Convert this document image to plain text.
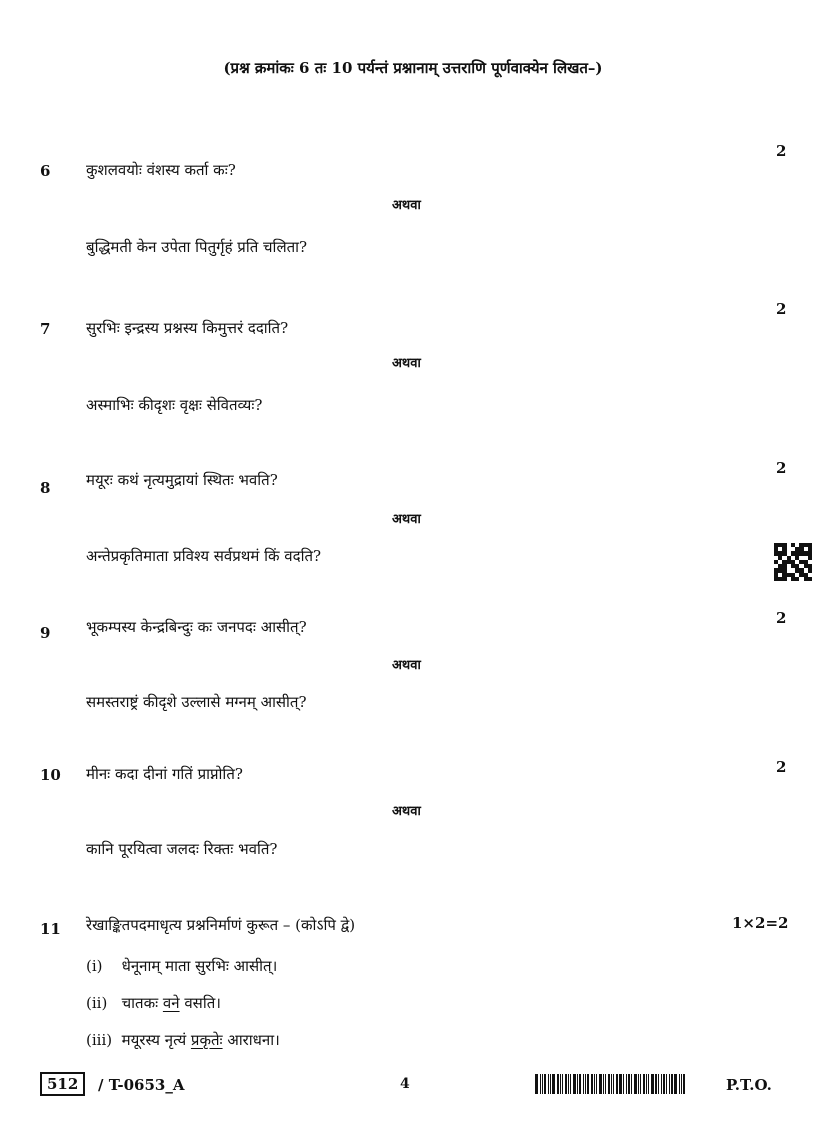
(प्रश्न क्रमांकः 6 तः 10 पर्यन्तं प्रश्नानाम् उत्तराणि पूर्णवाक्येन लिखत–)
2
6 कुशलवयोः वंशस्य कर्ता कः?
अथवा
बुद्धिमती केन उपेता पितुर्गृहं प्रति चलिता?
2
7 सुरभिः इन्द्रस्य प्रश्नस्य किमुत्तरं ददाति?
अथवा
अस्माभिः कीदृशः वृक्षः सेवितव्यः?
2
8 मयूरः कथं नृत्यमुद्रायां स्थितः भवति?
अथवा
अन्तेप्रकृतिमाता प्रविश्य सर्वप्रथमं किं वदति?
2
9 भूकम्पस्य केन्द्रबिन्दुः कः जनपदः आसीत्?
अथवा
समस्तराष्ट्रं कीदृशे उल्लासे मग्नम् आसीत्?
2
10 मीनः कदा दीनां गतिं प्राप्नोति?
अथवा
कानि पूरयित्वा जलदः रिक्तः भवति?
11 रेखाङ्कितपदमाधृत्य प्रश्ननिर्माणं कुरूत – (कोऽपि द्वे)	1×2=2
(i) धेनूनाम् माता सुरभिः आसीत्।
(ii) चातकः वने वसति।
(iii) मयूरस्य नृत्यं प्रकृतेः आराधना।
512	/ T-0653_A	4	P.T.O.
